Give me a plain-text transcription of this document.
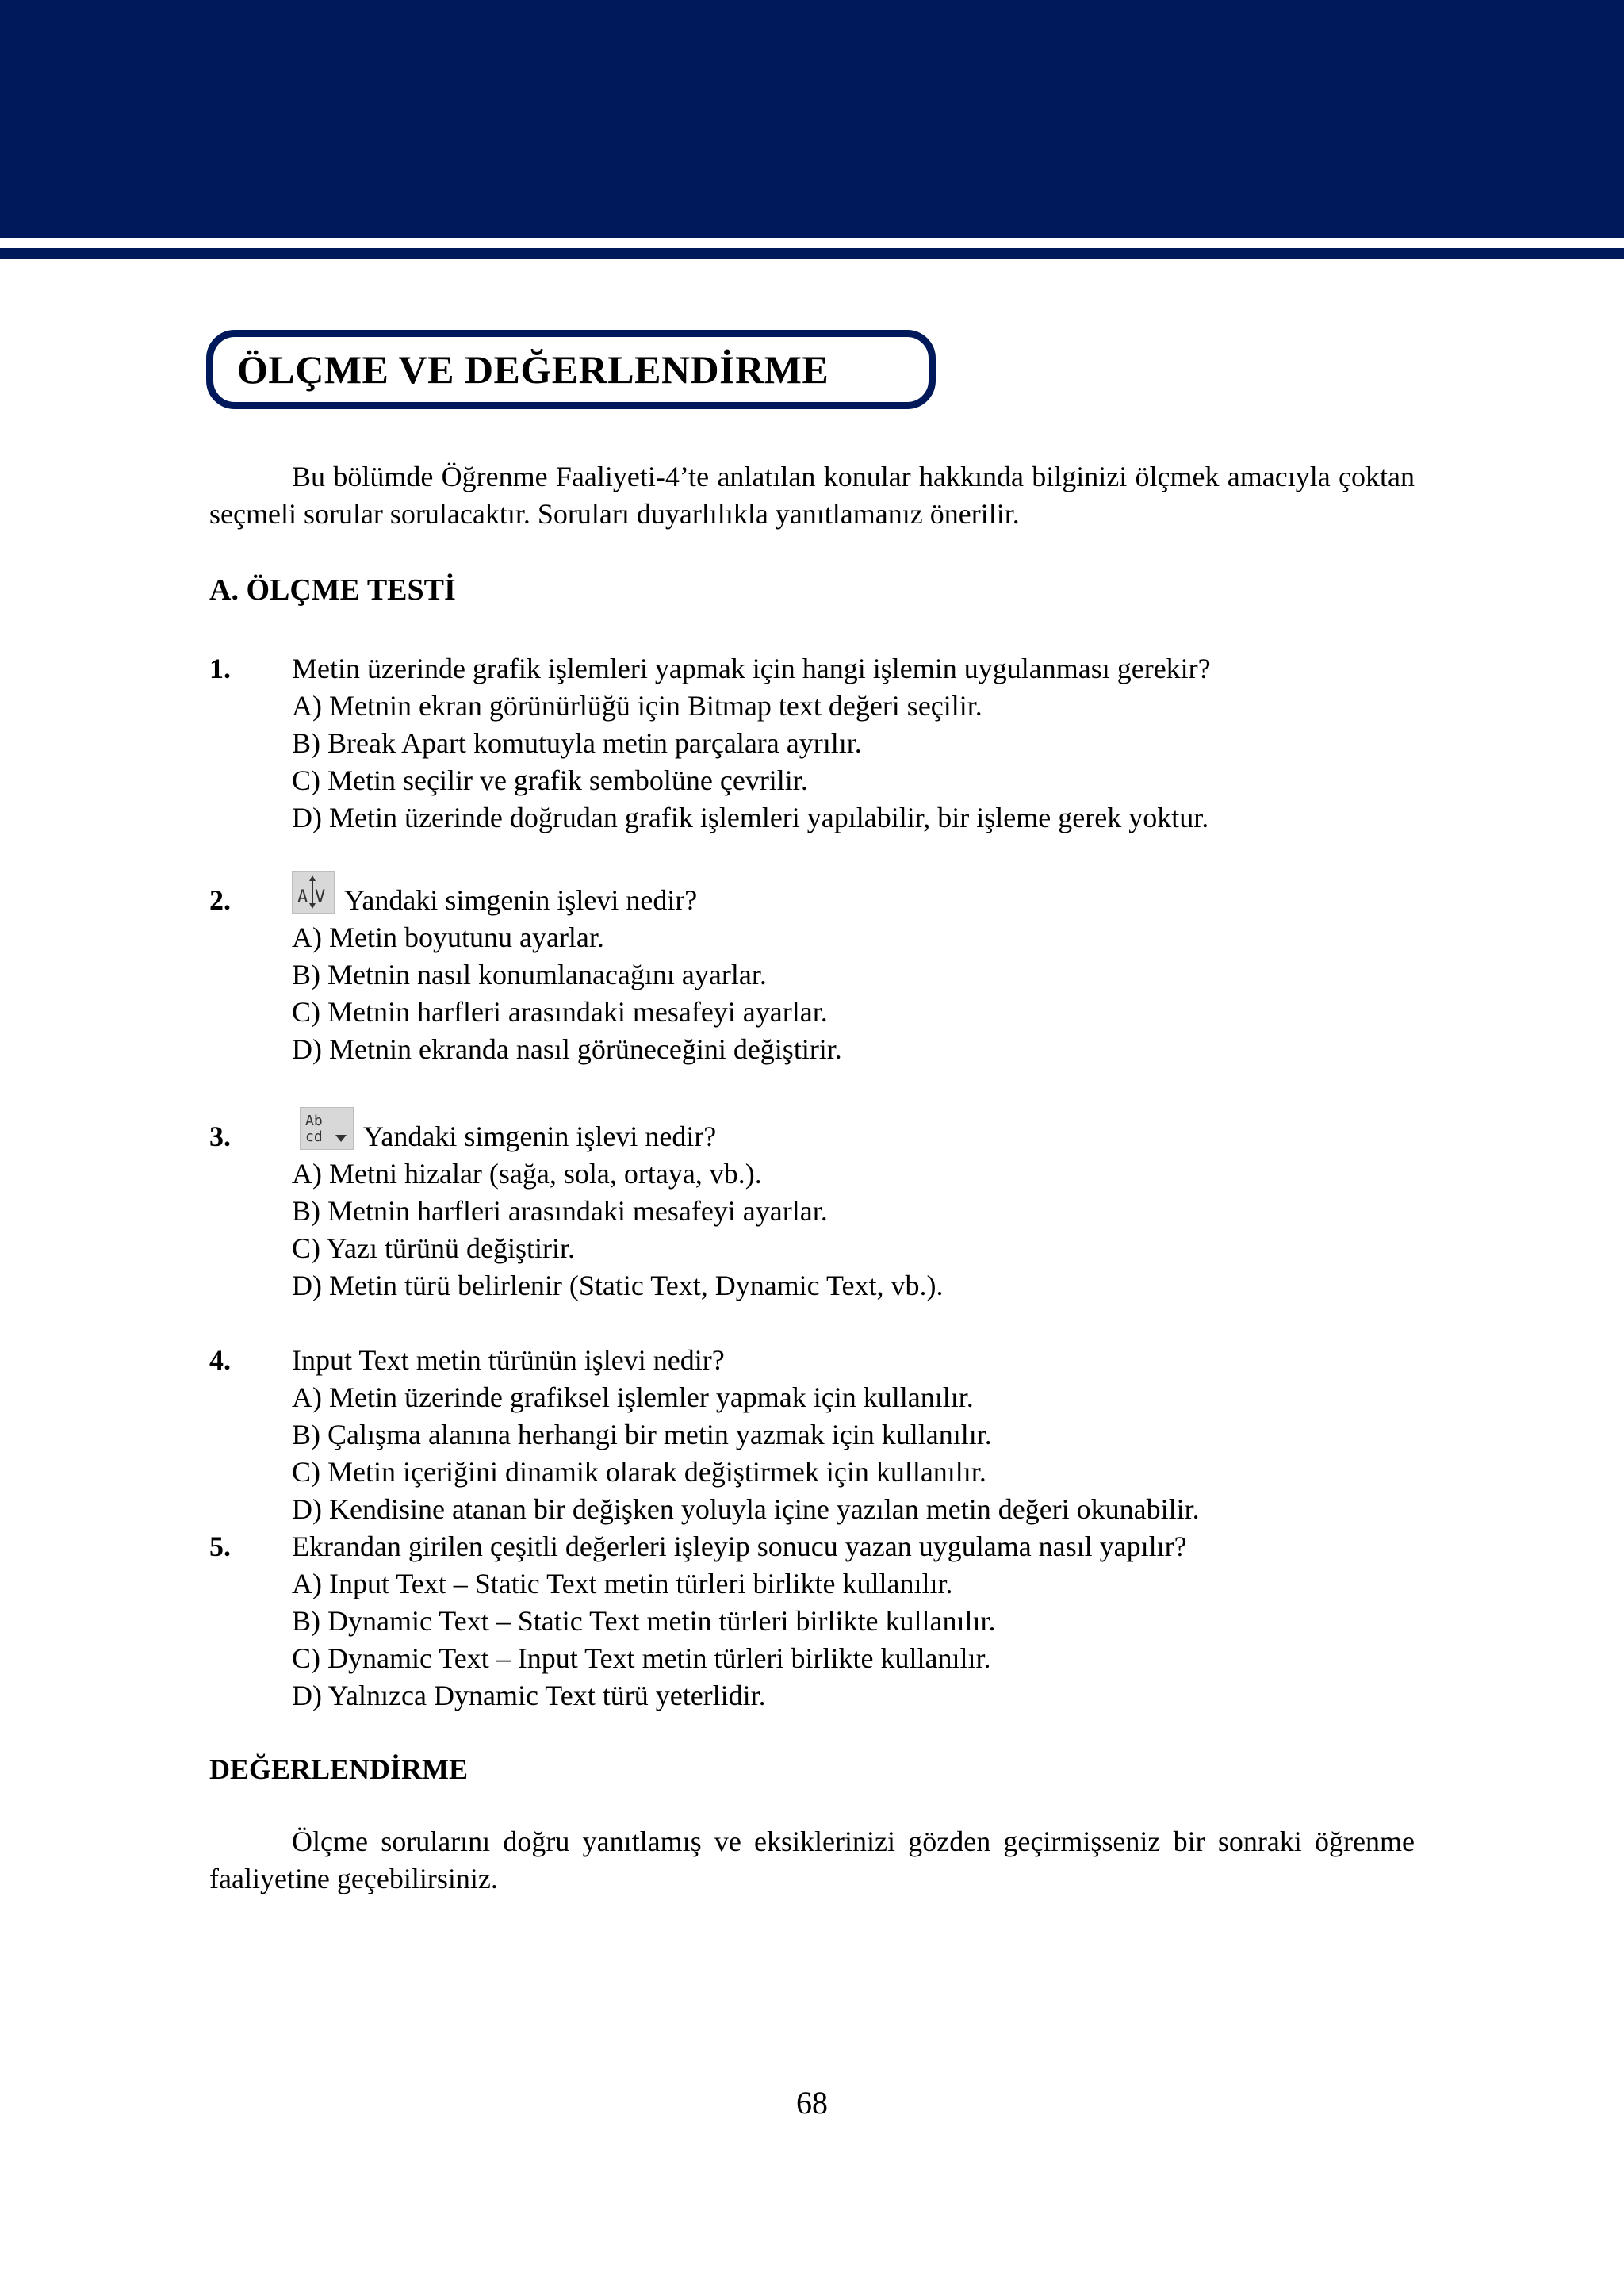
ÖLÇME VE DEĞERLENDİRME

Bu bölümde Öğrenme Faaliyeti-4’te anlatılan konular hakkında bilginizi ölçmek amacıyla çoktan seçmeli sorular sorulacaktır. Soruları duyarlılıkla yanıtlamanız önerilir.

A. ÖLÇME TESTİ
1. Metin üzerinde grafik işlemleri yapmak için hangi işlemin uygulanması gerekir?
A) Metnin ekran görünürlüğü için Bitmap text değeri seçilir.
B) Break Apart komutuyla metin parçalara ayrılır.
C) Metin seçilir ve grafik sembolüne çevrilir.
D) Metin üzerinde doğrudan grafik işlemleri yapılabilir, bir işleme gerek yoktur.
2.	A V Yandaki simgenin işlevi nedir?
A) Metin boyutunu ayarlar.
B) Metnin nasıl konumlanacağını ayarlar.
C) Metnin harfleri arasındaki mesafeyi ayarlar.
D) Metnin ekranda nasıl görüneceğini değiştirir.
3.	Ab
cd Yandaki simgenin işlevi nedir?
A) Metni hizalar (sağa, sola, ortaya, vb.).
B) Metnin harfleri arasındaki mesafeyi ayarlar.
C) Yazı türünü değiştirir.
D) Metin türü belirlenir (Static Text, Dynamic Text, vb.).
4. Input Text metin türünün işlevi nedir?
A) Metin üzerinde grafiksel işlemler yapmak için kullanılır.
B) Çalışma alanına herhangi bir metin yazmak için kullanılır.
C) Metin içeriğini dinamik olarak değiştirmek için kullanılır.
D) Kendisine atanan bir değişken yoluyla içine yazılan metin değeri okunabilir.
5. Ekrandan girilen çeşitli değerleri işleyip sonucu yazan uygulama nasıl yapılır?
A) Input Text – Static Text metin türleri birlikte kullanılır.
B) Dynamic Text – Static Text metin türleri birlikte kullanılır.
C) Dynamic Text – Input Text metin türleri birlikte kullanılır.
D) Yalnızca Dynamic Text türü yeterlidir.
DEĞERLENDİRME

Ölçme sorularını doğru yanıtlamış ve eksiklerinizi gözden geçirmişseniz bir sonraki öğrenme faaliyetine geçebilirsiniz.

68
